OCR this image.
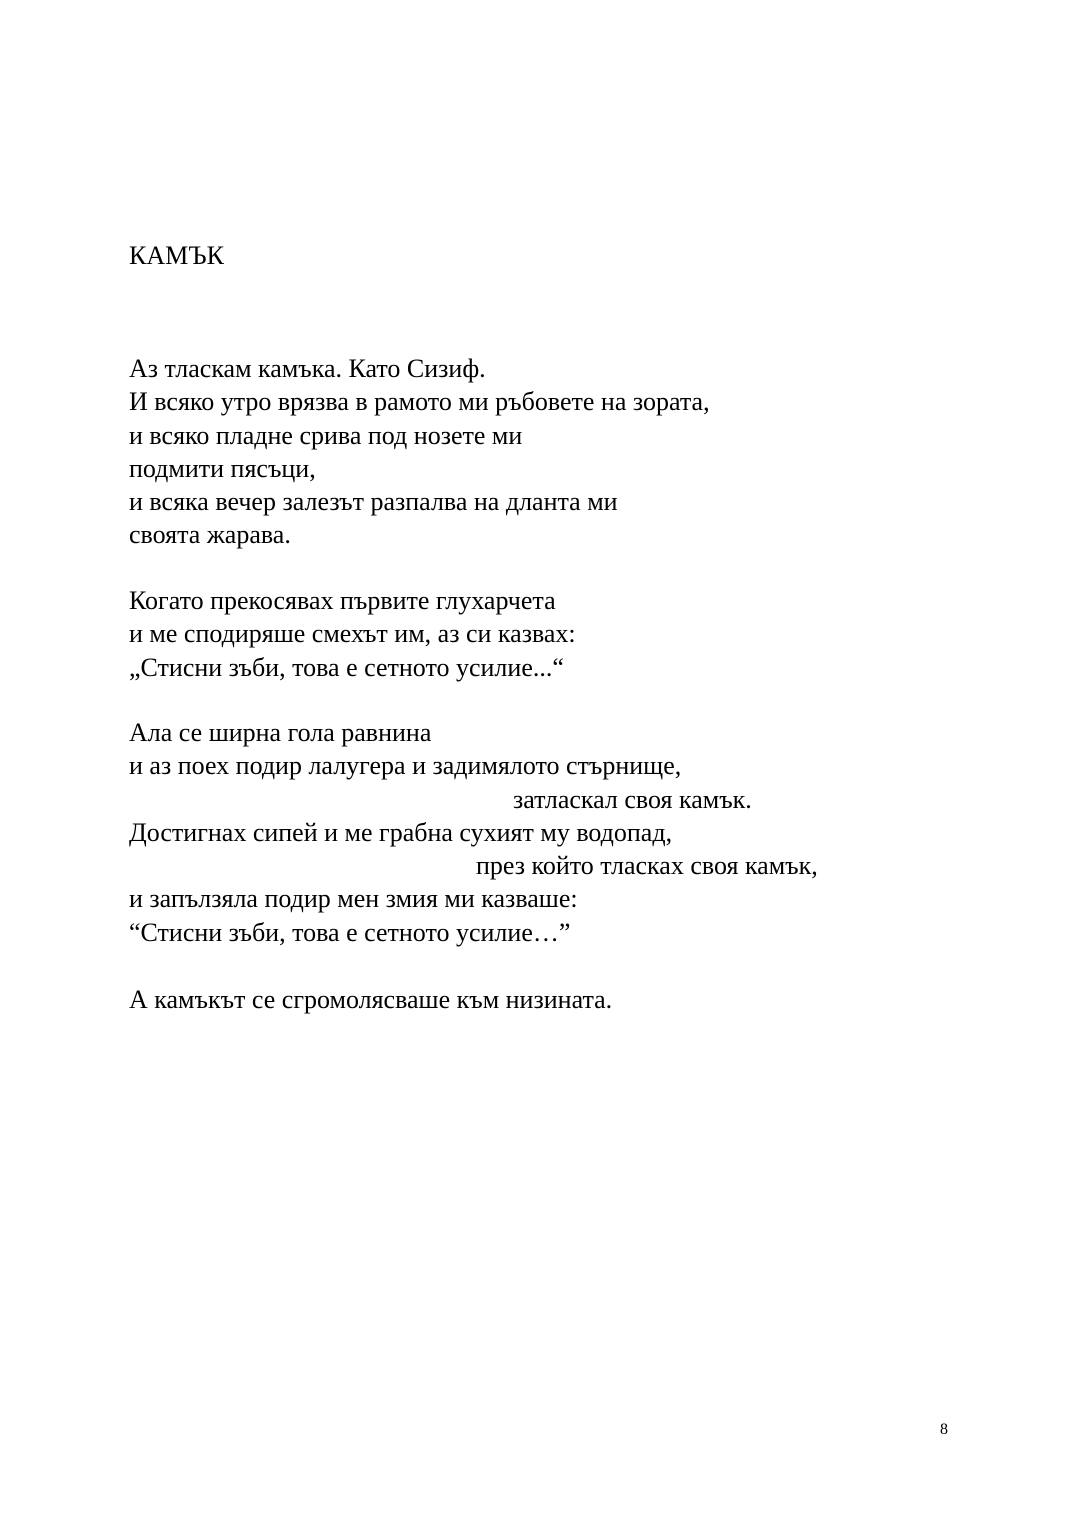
КАМЪК
Аз тласкам камъка. Като Сизиф.
И всяко утро врязва в рамото ми ръбовете на зората,
и всяко пладне срива под нозете ми
подмити пясъци,
и всяка вечер залезът разпалва на дланта ми
своята жарава.
Когато прекосявах първите глухарчета
и ме сподиряше смехът им, аз си казвах:
„Стисни зъби, това е сетното усилие...“
Ала се ширна гола равнина
и аз поех подир лалугера и задимялото стърнище,
затласкал своя камък.
Достигнах сипей и ме грабна сухият му водопад,
през който тласках своя камък,
и запълзяла подир мен змия ми казваше:
“Стисни зъби, това е сетното усилие…”
А камъкът се сгромолясваше към низината.
8
